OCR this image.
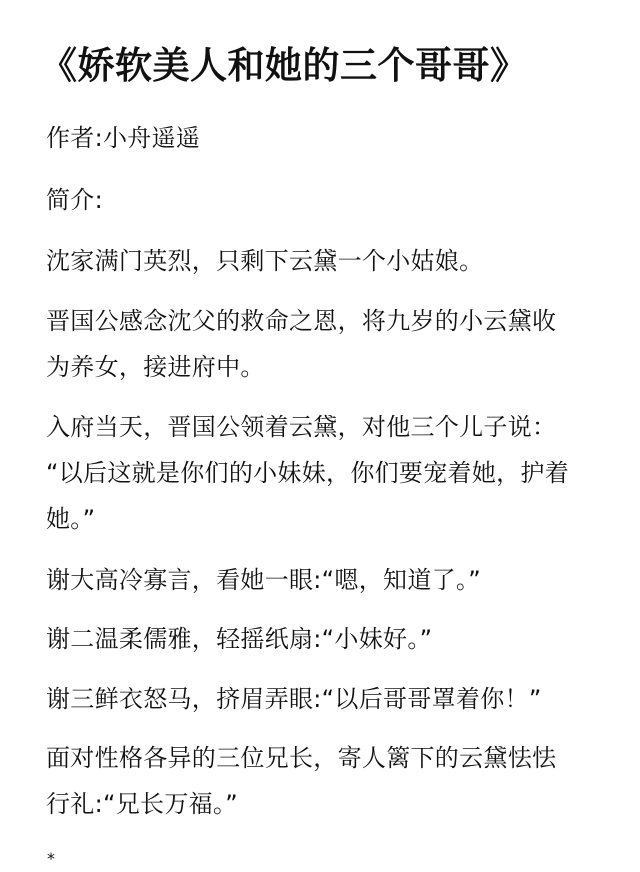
《娇软美人和她的三个哥哥》
作者:小舟遥遥
简介:
沈家满门英烈，只剩下云黛一个小姑娘。
晋国公感念沈父的救命之恩，将九岁的小云黛收
为养女，接进府中。
入府当天，晋国公领着云黛，对他三个儿子说：
“以后这就是你们的小妹妹，你们要宠着她，护着
她。”
谢大高冷寡言，看她一眼:“嗯，知道了。”
谢二温柔儒雅，轻摇纸扇:“小妹好。”
谢三鲜衣怒马，挤眉弄眼:“以后哥哥罩着你！”
面对性格各异的三位兄长，寄人篱下的云黛怯怯
行礼:“兄长万福。”
*
